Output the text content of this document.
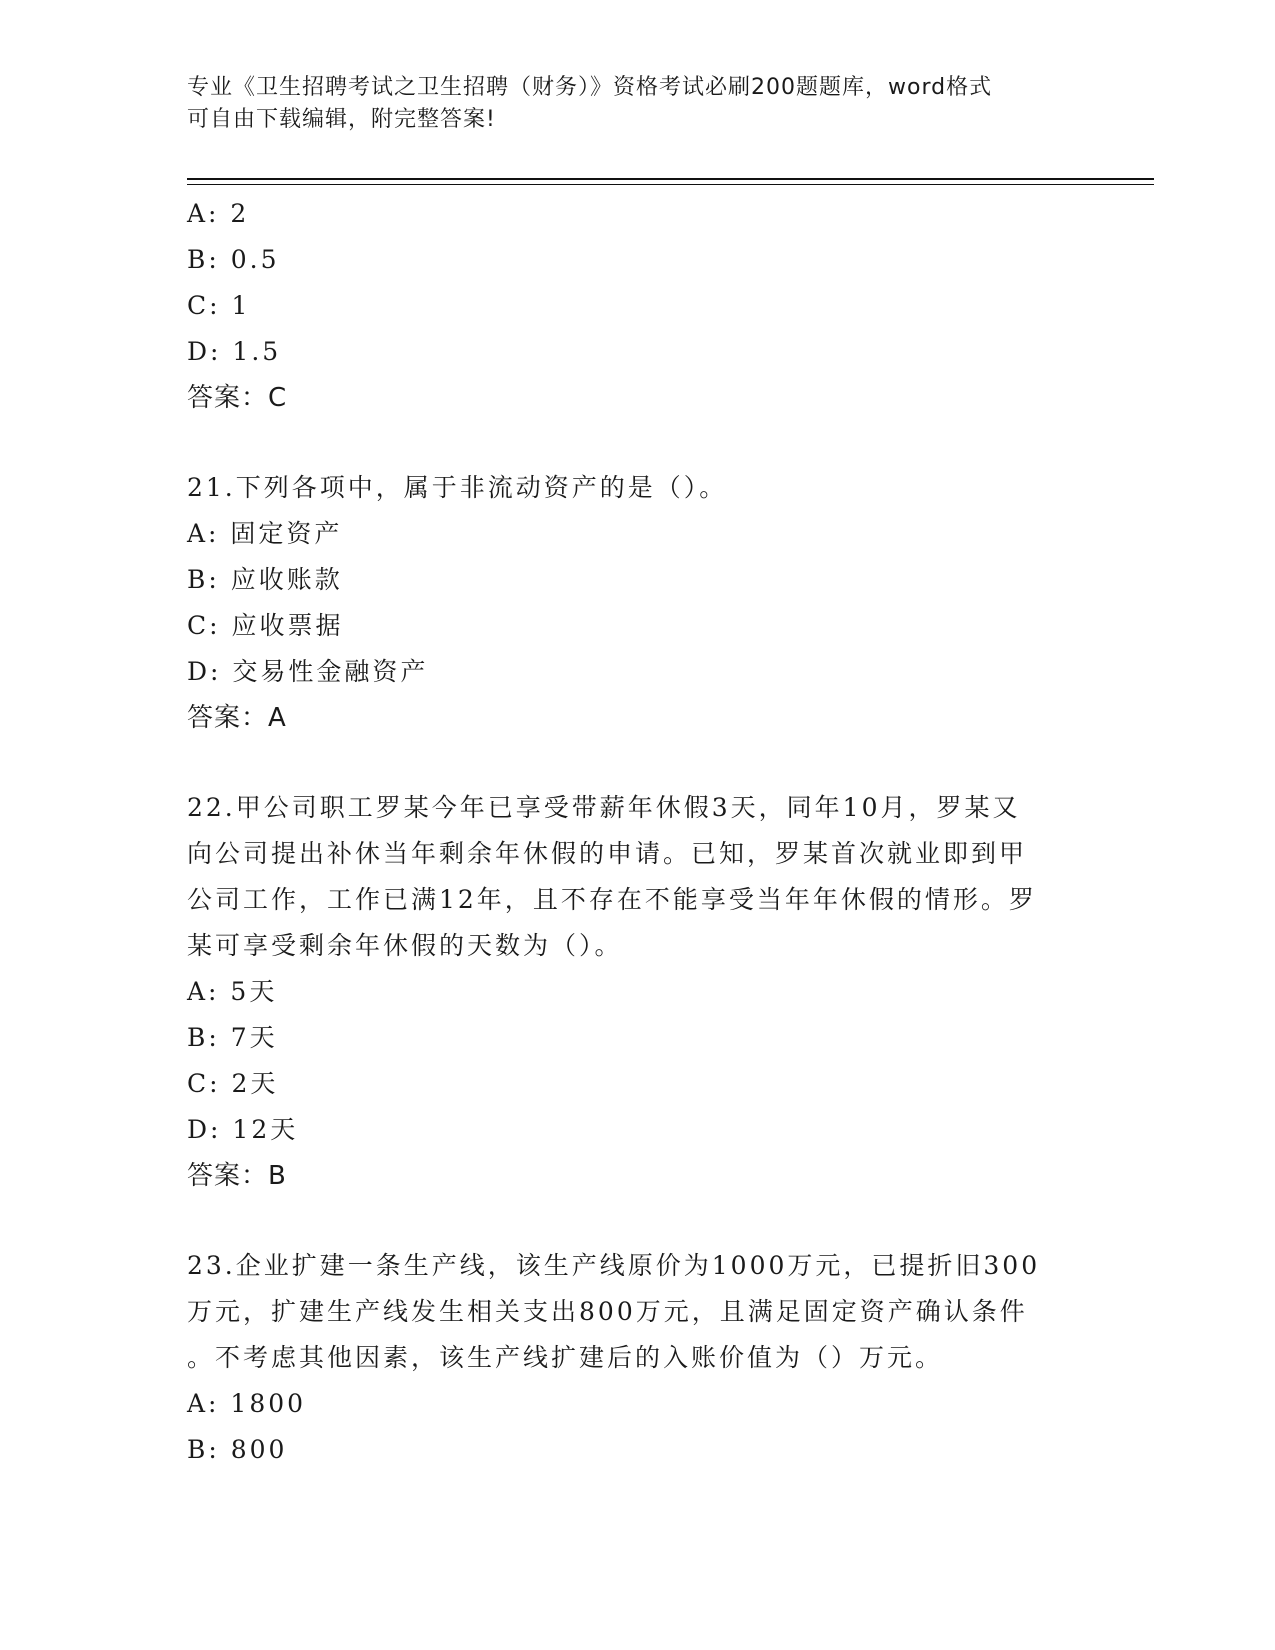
专业《卫生招聘考试之卫生招聘（财务）》资格考试必刷200题题库，word格式
可自由下载编辑，附完整答案!
A: 2
B: 0.5
C: 1
D: 1.5
答案：C
21.下列各项中，属于非流动资产的是（）。
A: 固定资产
B: 应收账款
C: 应收票据
D: 交易性金融资产
答案：A
22.甲公司职工罗某今年已享受带薪年休假3天，同年10月，罗某又
向公司提出补休当年剩余年休假的申请。已知，罗某首次就业即到甲
公司工作，工作已满12年，且不存在不能享受当年年休假的情形。罗
某可享受剩余年休假的天数为（）。
A: 5天
B: 7天
C: 2天
D: 12天
答案：B
23.企业扩建一条生产线，该生产线原价为1000万元，已提折旧300
万元，扩建生产线发生相关支出800万元，且满足固定资产确认条件
。不考虑其他因素，该生产线扩建后的入账价值为（）万元。
A: 1800
B: 800
